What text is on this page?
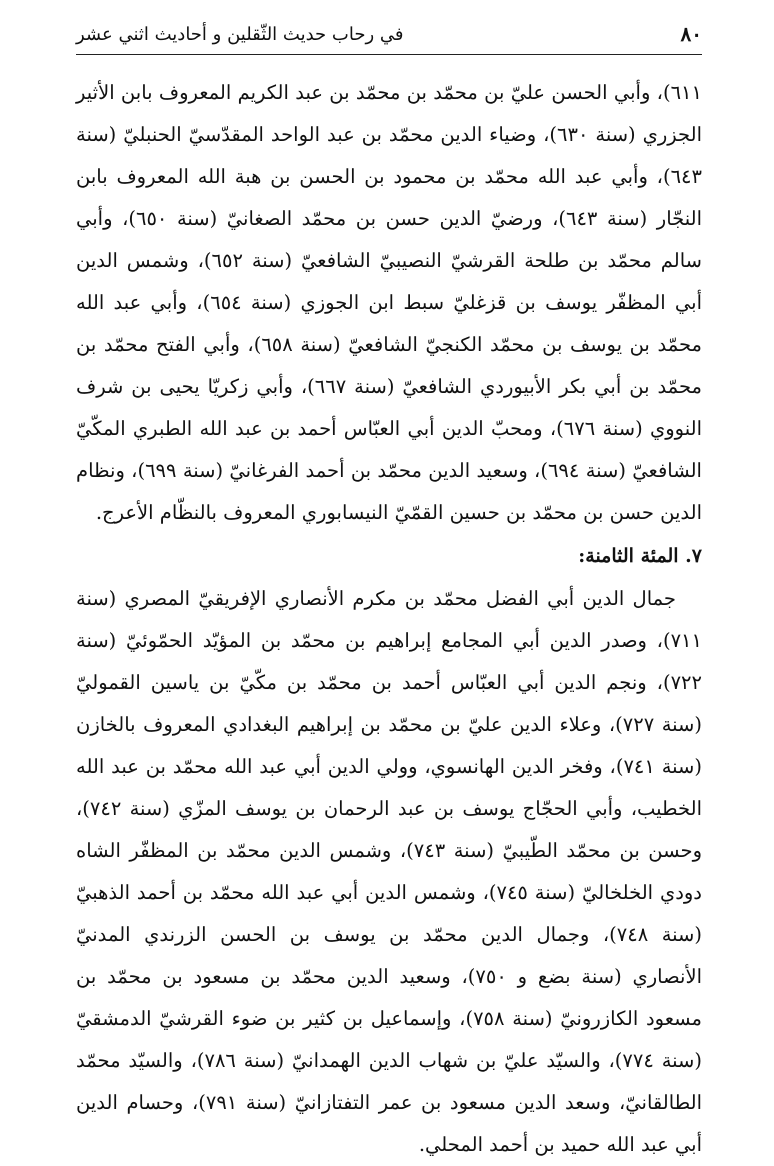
٨٠
في رحاب حديث الثّقلين و أحاديث اثني عشر

٦١١)، وأبي الحسن عليّ بن محمّد بن محمّد بن عبد الكريم المعروف بابن الأثير الجزري (سنة ٦٣٠)، وضياء الدين محمّد بن عبد الواحد المقدّسيّ الحنبليّ (سنة ٦٤٣)، وأبي عبد الله محمّد بن محمود بن الحسن بن هبة الله المعروف بابن النجّار (سنة ٦٤٣)، ورضيّ الدين حسن بن محمّد الصغانيّ (سنة ٦٥٠)، وأبي سالم محمّد بن طلحة القرشيّ النصيبيّ الشافعيّ (سنة ٦٥٢)، وشمس الدين أبي المظفّر يوسف بن قزغليّ سبط ابن الجوزي (سنة ٦٥٤)، وأبي عبد الله محمّد بن يوسف بن محمّد الكنجيّ الشافعيّ (سنة ٦٥٨)، وأبي الفتح محمّد بن محمّد بن أبي بكر الأبيوردي الشافعيّ (سنة ٦٦٧)، وأبي زكريّا يحيى بن شرف النووي (سنة ٦٧٦)، ومحبّ الدين أبي العبّاس أحمد بن عبد الله الطبري المكّيّ الشافعيّ (سنة ٦٩٤)، وسعيد الدين محمّد بن أحمد الفرغانيّ (سنة ٦٩٩)، ونظام الدين حسن بن محمّد بن حسين القمّيّ النيسابوري المعروف بالنظّام الأعرج.

٧. المئة الثامنة:

جمال الدين أبي الفضل محمّد بن مكرم الأنصاري الإفريقيّ المصري (سنة ٧١١)، وصدر الدين أبي المجامع إبراهيم بن محمّد بن المؤيّد الحمّوئيّ (سنة ٧٢٢)، ونجم الدين أبي العبّاس أحمد بن محمّد بن مكّيّ بن ياسين القموليّ (سنة ٧٢٧)، وعلاء الدين عليّ بن محمّد بن إبراهيم البغدادي المعروف بالخازن (سنة ٧٤١)، وفخر الدين الهانسوي، وولي الدين أبي عبد الله محمّد بن عبد الله الخطيب، وأبي الحجّاج يوسف بن عبد الرحمان بن يوسف المزّي (سنة ٧٤٢)، وحسن بن محمّد الطّيبيّ (سنة ٧٤٣)، وشمس الدين محمّد بن المظفّر الشاه دودي الخلخاليّ (سنة ٧٤٥)، وشمس الدين أبي عبد الله محمّد بن أحمد الذهبيّ (سنة ٧٤٨)، وجمال الدين محمّد بن يوسف بن الحسن الزرندي المدنيّ الأنصاري (سنة بضع و ٧٥٠)، وسعيد الدين محمّد بن مسعود بن محمّد بن مسعود الكازرونيّ (سنة ٧٥٨)، وإسماعيل بن كثير بن ضوء القرشيّ الدمشقيّ (سنة ٧٧٤)، والسيّد عليّ بن شهاب الدين الهمدانيّ (سنة ٧٨٦)، والسيّد محمّد الطالقانيّ، وسعد الدين مسعود بن عمر التفتازانيّ (سنة ٧٩١)، وحسام الدين أبي عبد الله حميد بن أحمد المحلي.
